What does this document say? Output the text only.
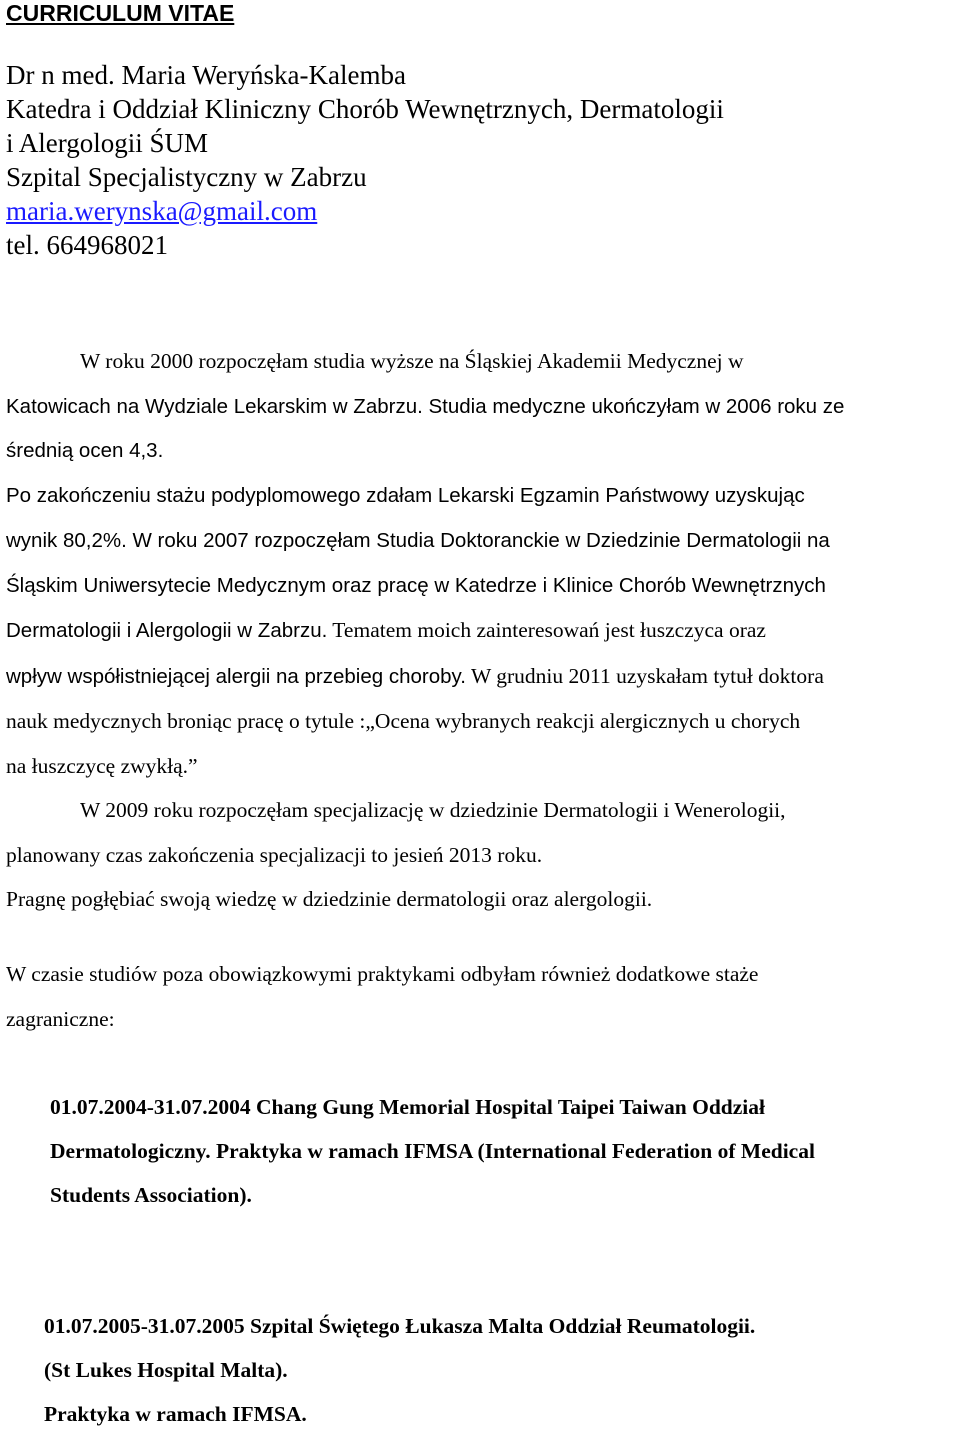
CURRICULUM VITAE
Dr n med. Maria Weryńska-Kalemba
Katedra i Oddział Kliniczny Chorób Wewnętrznych, Dermatologii
i Alergologii ŚUM
Szpital Specjalistyczny w Zabrzu
maria.werynska@gmail.com
tel. 664968021
W roku 2000 rozpoczęłam studia wyższe na Śląskiej Akademii Medycznej w
Katowicach na Wydziale Lekarskim w Zabrzu. Studia medyczne ukończyłam w 2006 roku ze
średnią ocen 4,3.
Po zakończeniu stażu podyplomowego zdałam Lekarski Egzamin Państwowy uzyskując
wynik 80,2%. W roku 2007 rozpoczęłam Studia Doktoranckie w Dziedzinie Dermatologii na
Śląskim Uniwersytecie Medycznym oraz pracę w Katedrze i Klinice Chorób Wewnętrznych
Dermatologii i Alergologii w Zabrzu. Tematem moich zainteresowań jest łuszczyca oraz
wpływ współistniejącej alergii na przebieg choroby. W grudniu 2011 uzyskałam tytuł doktora
nauk medycznych broniąc pracę o tytule :„Ocena wybranych reakcji alergicznych u chorych
na łuszczycę zwykłą.”
W 2009 roku rozpoczęłam specjalizację w dziedzinie Dermatologii i Wenerologii,
planowany czas zakończenia specjalizacji to jesień 2013 roku.
Pragnę pogłębiać swoją wiedzę w dziedzinie dermatologii oraz alergologii.
W czasie studiów poza obowiązkowymi praktykami odbyłam również dodatkowe staże
zagraniczne:
01.07.2004-31.07.2004 Chang Gung Memorial Hospital Taipei Taiwan Oddział
Dermatologiczny. Praktyka w ramach IFMSA (International Federation of Medical
Students Association).
01.07.2005-31.07.2005 Szpital Świętego Łukasza Malta Oddział Reumatologii.
(St Lukes Hospital Malta).
Praktyka w ramach IFMSA.
